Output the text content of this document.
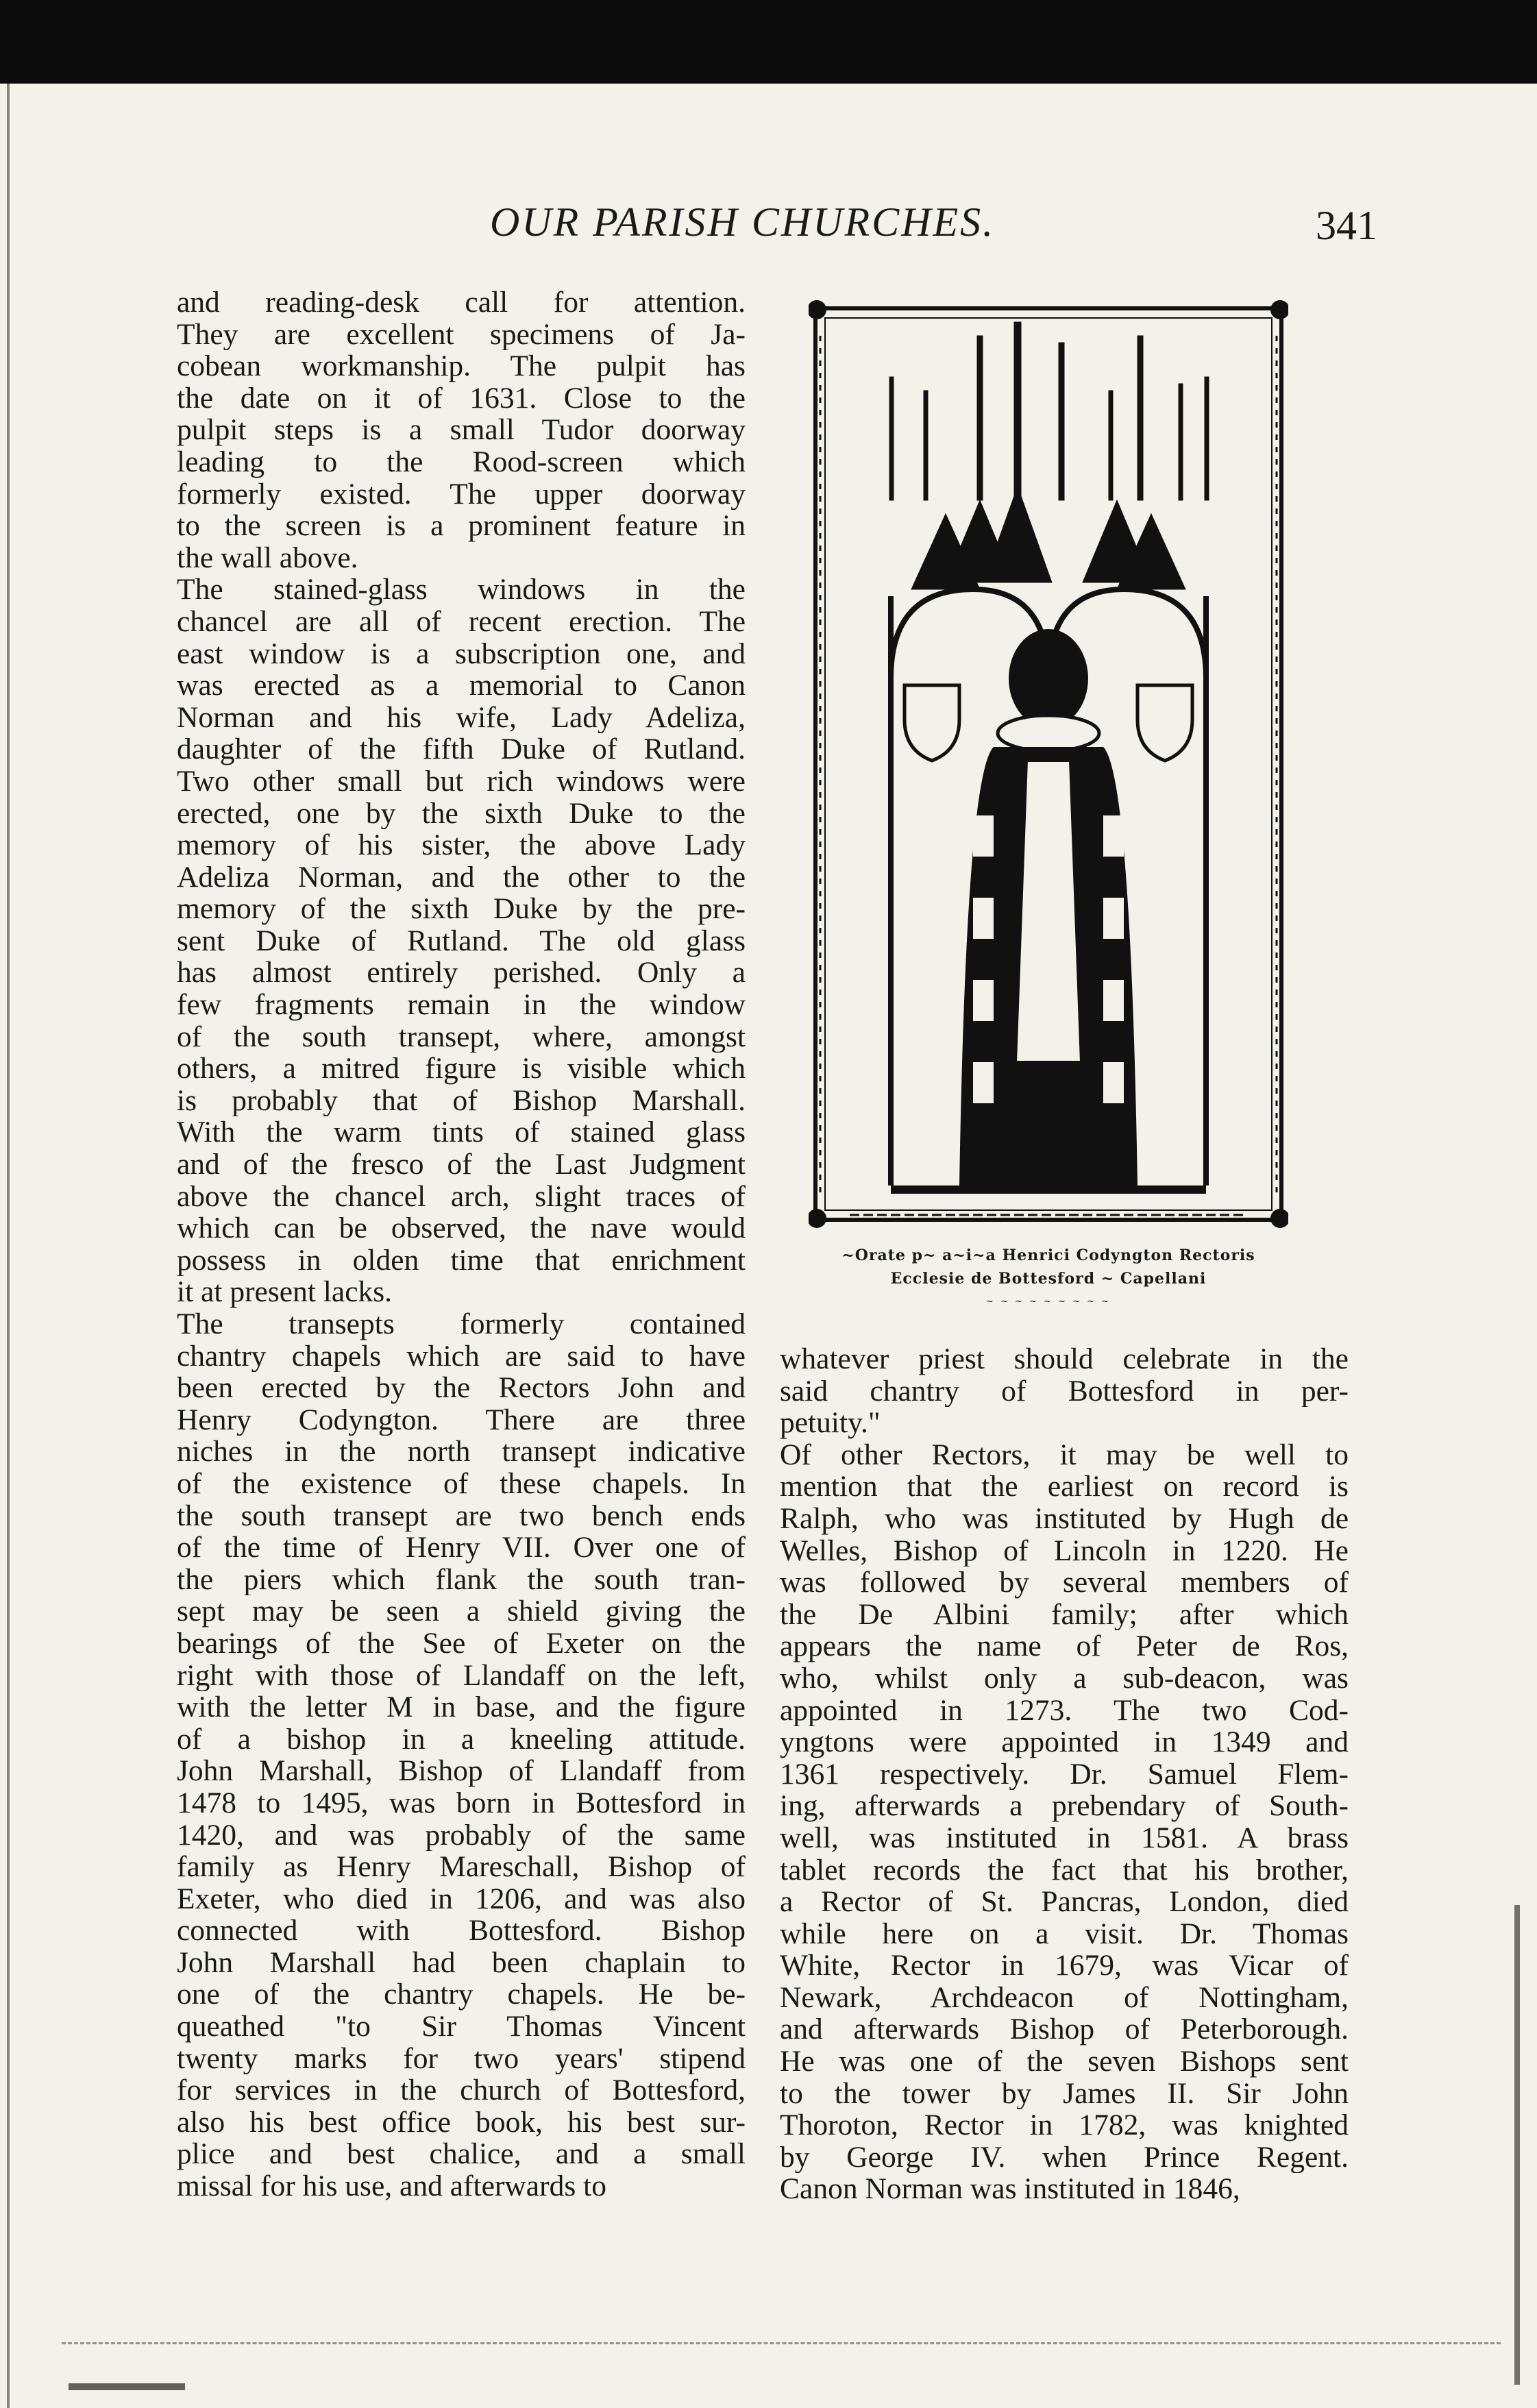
OUR PARISH CHURCHES.	341
and reading-desk call for attention.
They are excellent specimens of Ja-
cobean workmanship. The pulpit has
the date on it of 1631. Close to the
pulpit steps is a small Tudor doorway
leading to the Rood-screen which
formerly existed. The upper doorway
to the screen is a prominent feature in
the wall above.
The stained-glass windows in the
chancel are all of recent erection. The
east window is a subscription one, and
was erected as a memorial to Canon
Norman and his wife, Lady Adeliza,
daughter of the fifth Duke of Rutland.
Two other small but rich windows were
erected, one by the sixth Duke to the
memory of his sister, the above Lady
Adeliza Norman, and the other to the
memory of the sixth Duke by the pre-
sent Duke of Rutland. The old glass
has almost entirely perished. Only a
few fragments remain in the window
of the south transept, where, amongst
others, a mitred figure is visible which
is probably that of Bishop Marshall.
With the warm tints of stained glass
and of the fresco of the Last Judgment
above the chancel arch, slight traces of
which can be observed, the nave would
possess in olden time that enrichment
it at present lacks.
The transepts formerly contained
chantry chapels which are said to have
been erected by the Rectors John and
Henry Codyngton. There are three
niches in the north transept indicative
of the existence of these chapels. In
the south transept are two bench ends
of the time of Henry VII. Over one of
the piers which flank the south tran-
sept may be seen a shield giving the
bearings of the See of Exeter on the
right with those of Llandaff on the left,
with the letter M in base, and the figure
of a bishop in a kneeling attitude.
John Marshall, Bishop of Llandaff from
1478 to 1495, was born in Bottesford in
1420, and was probably of the same
family as Henry Mareschall, Bishop of
Exeter, who died in 1206, and was also
connected with Bottesford. Bishop
John Marshall had been chaplain to
one of the chantry chapels. He be-
queathed "to Sir Thomas Vincent
twenty marks for two years' stipend
for services in the church of Bottesford,
also his best office book, his best sur-
plice and best chalice, and a small
missal for his use, and afterwards to
~Orate p~ a~i~a Henrici Codyngton Rectoris
Ecclesie de Bottesford ~ Capellani
~ ~ ~ ~ ~ ~ ~ ~ ~
whatever priest should celebrate in the
said chantry of Bottesford in per-
petuity."
Of other Rectors, it may be well to
mention that the earliest on record is
Ralph, who was instituted by Hugh de
Welles, Bishop of Lincoln in 1220. He
was followed by several members of
the De Albini family; after which
appears the name of Peter de Ros,
who, whilst only a sub-deacon, was
appointed in 1273. The two Cod-
yngtons were appointed in 1349 and
1361 respectively. Dr. Samuel Flem-
ing, afterwards a prebendary of South-
well, was instituted in 1581. A brass
tablet records the fact that his brother,
a Rector of St. Pancras, London, died
while here on a visit. Dr. Thomas
White, Rector in 1679, was Vicar of
Newark, Archdeacon of Nottingham,
and afterwards Bishop of Peterborough.
He was one of the seven Bishops sent
to the tower by James II. Sir John
Thoroton, Rector in 1782, was knighted
by George IV. when Prince Regent.
Canon Norman was instituted in 1846,
